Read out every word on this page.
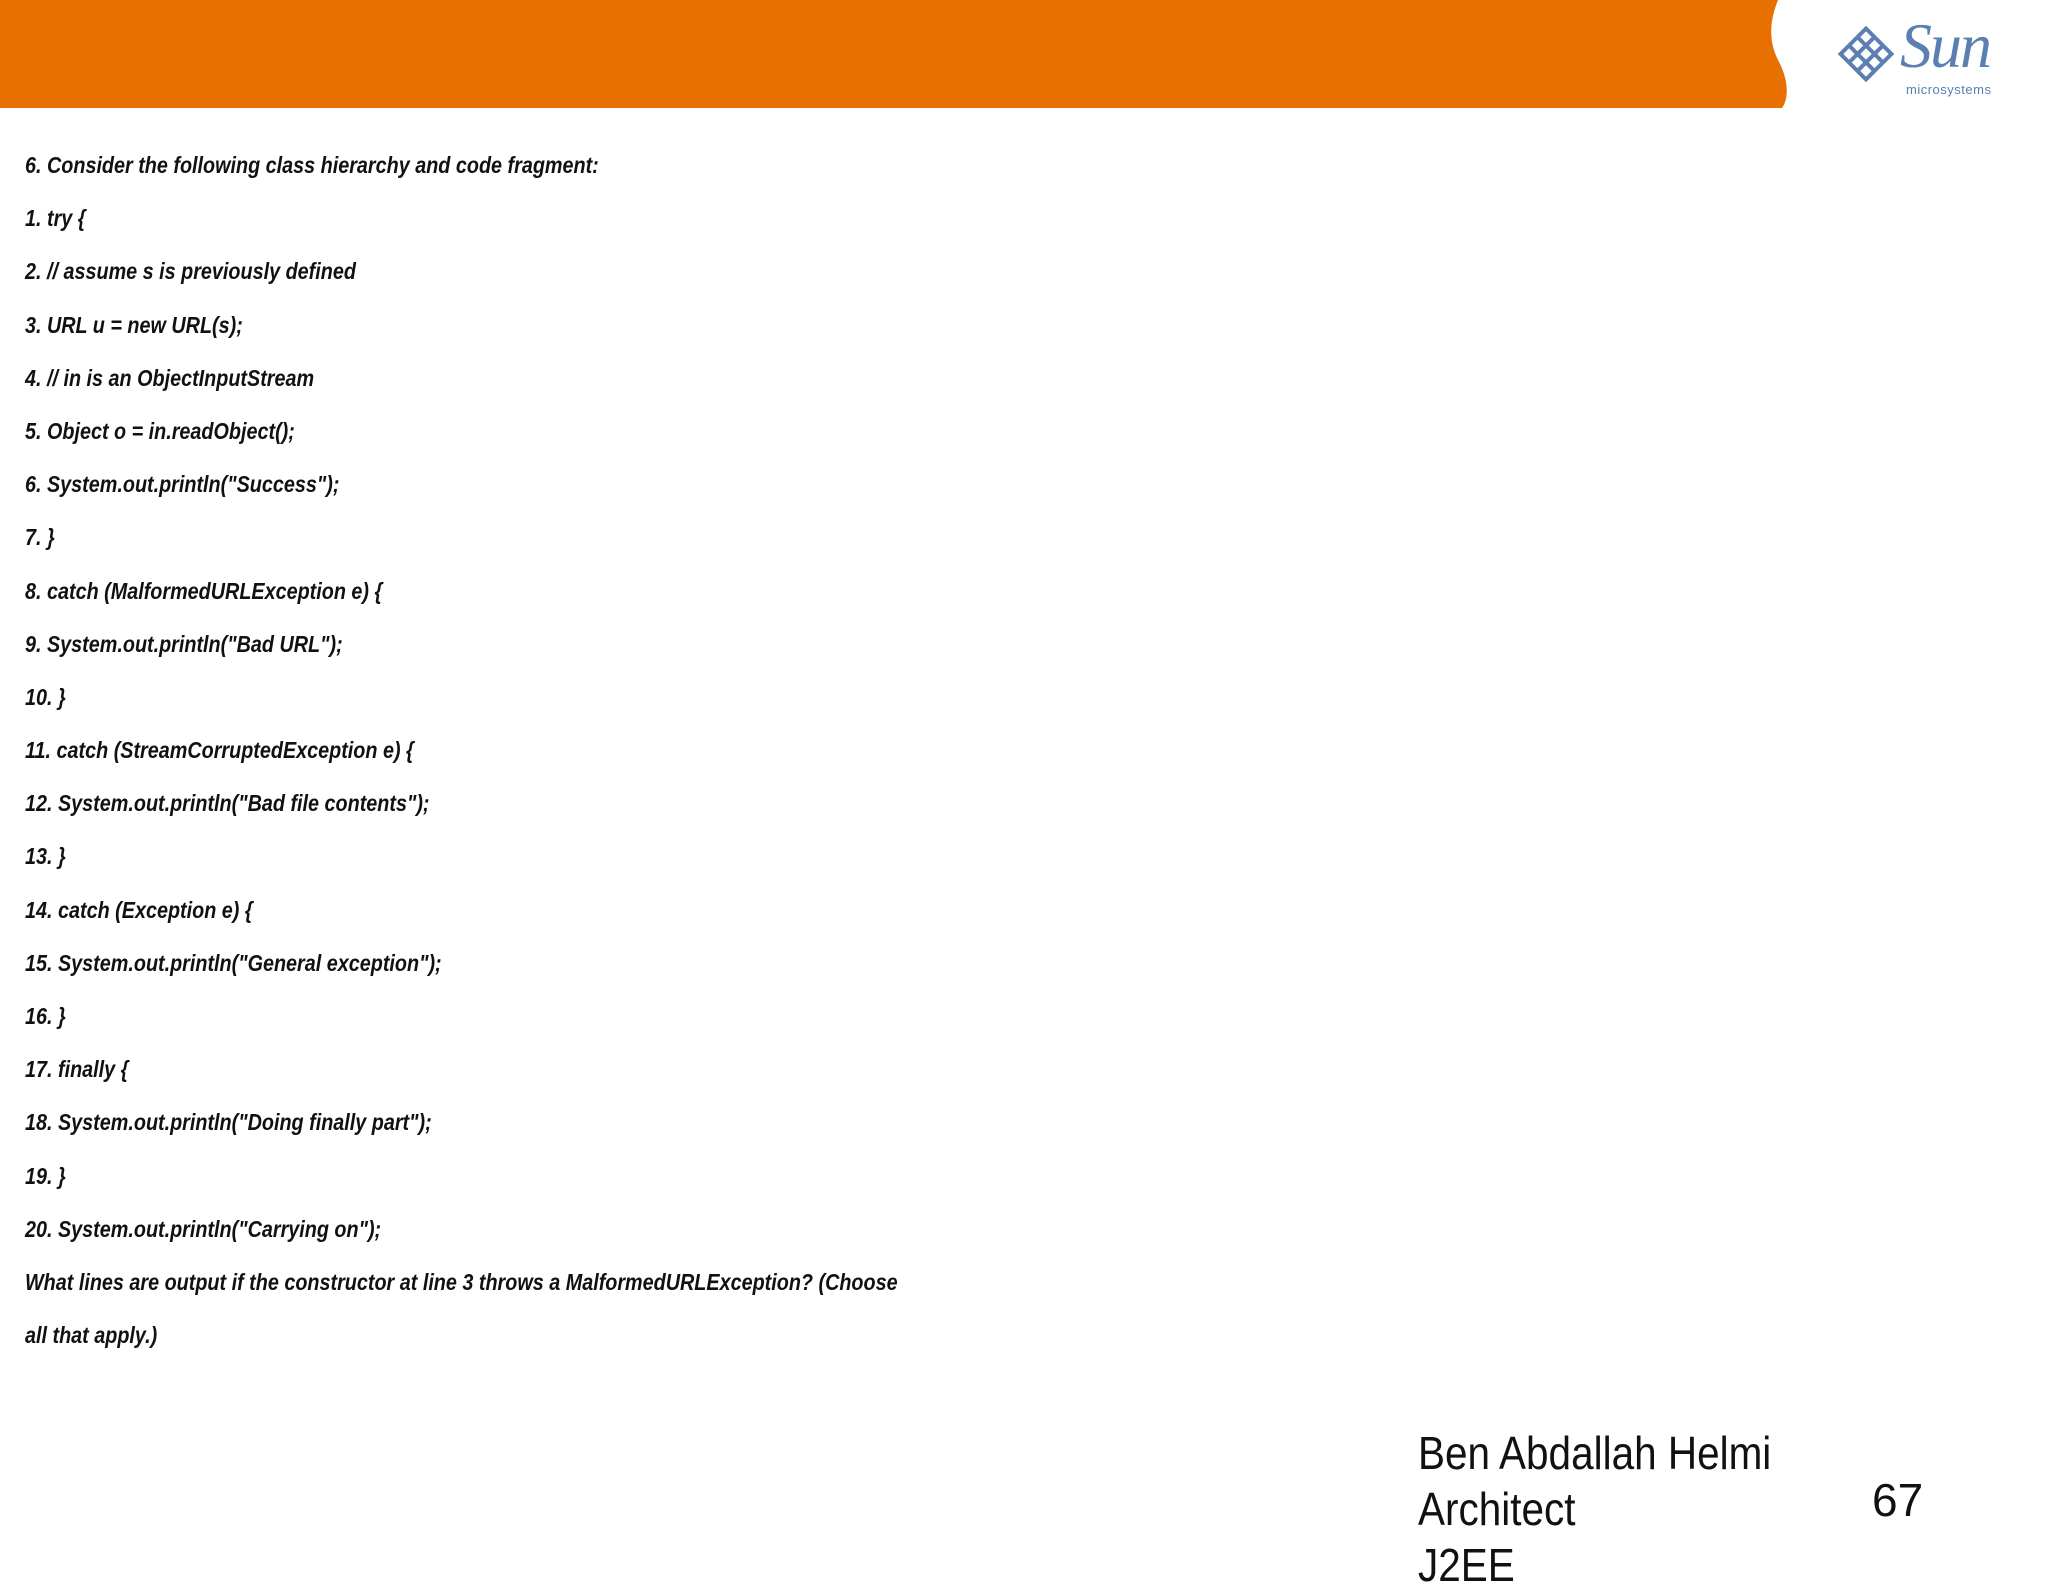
Sun
microsystems
6. Consider the following class hierarchy and code fragment:
1. try {
2. // assume s is previously defined
3. URL u = new URL(s);
4. // in is an ObjectInputStream
5. Object o = in.readObject();
6. System.out.println("Success");
7. }
8. catch (MalformedURLException e) {
9. System.out.println("Bad URL");
10. }
11. catch (StreamCorruptedException e) {
12. System.out.println("Bad file contents");
13. }
14. catch (Exception e) {
15. System.out.println("General exception");
16. }
17. finally {
18. System.out.println("Doing finally part");
19. }
20. System.out.println("Carrying on");
What lines are output if the constructor at line 3 throws a MalformedURLException? (Choose
all that apply.)
Ben Abdallah Helmi Architect
J2EE
67
